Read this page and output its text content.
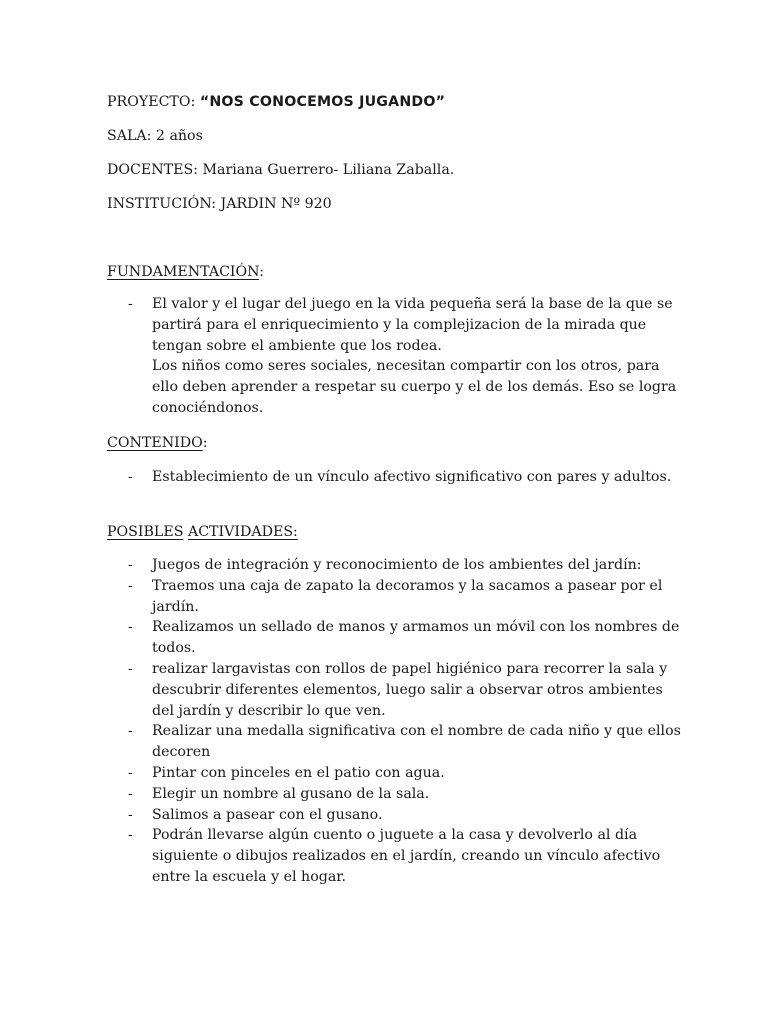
PROYECTO: “NOS CONOCEMOS JUGANDO”
SALA: 2 años
DOCENTES: Mariana Guerrero- Liliana Zaballa.
INSTITUCIÓN: JARDIN Nº 920
FUNDAMENTACIÓN:
- El valor y el lugar del juego en la vida pequeña será la base de la que se partirá para el enriquecimiento y la complejizacion de la mirada que tengan sobre el ambiente que los rodea.
Los niños como seres sociales, necesitan compartir con los otros, para ello deben aprender a respetar su cuerpo y el de los demás. Eso se logra conociéndonos.
CONTENIDO:
- Establecimiento de un vínculo afectivo significativo con pares y adultos.
POSIBLES ACTIVIDADES:
- Juegos de integración y reconocimiento de los ambientes del jardín:
- Traemos una caja de zapato la decoramos y la sacamos a pasear por el jardín.
- Realizamos un sellado de manos y armamos un móvil con los nombres de todos.
- realizar largavistas con rollos de papel higiénico para recorrer la sala y descubrir diferentes elementos, luego salir a observar otros ambientes del jardín y describir lo que ven.
- Realizar una medalla significativa con el nombre de cada niño y que ellos decoren
- Pintar con pinceles en el patio con agua.
- Elegir un nombre al gusano de la sala.
- Salimos a pasear con el gusano.
- Podrán llevarse algún cuento o juguete a la casa y devolverlo al día siguiente o dibujos realizados en el jardín, creando un vínculo afectivo entre la escuela y el hogar.
